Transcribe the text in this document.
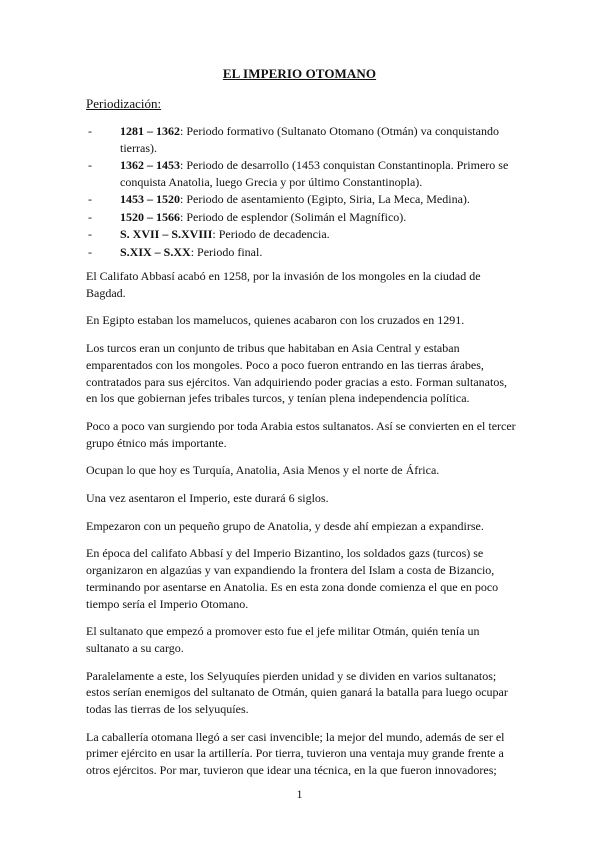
EL IMPERIO OTOMANO
Periodización:
- 1281 – 1362: Periodo formativo (Sultanato Otomano (Otmán) va conquistando tierras).
- 1362 – 1453: Periodo de desarrollo (1453 conquistan Constantinopla. Primero se conquista Anatolia, luego Grecia y por último Constantinopla).
- 1453 – 1520: Periodo de asentamiento (Egipto, Siria, La Meca, Medina).
- 1520 – 1566: Periodo de esplendor (Solimán el Magnífico).
- S. XVII – S.XVIII: Periodo de decadencia.
- S.XIX – S.XX: Periodo final.

El Califato Abbasí acabó en 1258, por la invasión de los mongoles en la ciudad de Bagdad.

En Egipto estaban los mamelucos, quienes acabaron con los cruzados en 1291.

Los turcos eran un conjunto de tribus que habitaban en Asia Central y estaban emparentados con los mongoles. Poco a poco fueron entrando en las tierras árabes, contratados para sus ejércitos. Van adquiriendo poder gracias a esto. Forman sultanatos, en los que gobiernan jefes tribales turcos, y tenían plena independencia política.

Poco a poco van surgiendo por toda Arabia estos sultanatos. Así se convierten en el tercer grupo étnico más importante.

Ocupan lo que hoy es Turquía, Anatolia, Asia Menos y el norte de África.

Una vez asentaron el Imperio, este durará 6 siglos.

Empezaron con un pequeño grupo de Anatolia, y desde ahí empiezan a expandirse.

En época del califato Abbasí y del Imperio Bizantino, los soldados gazs (turcos) se organizaron en algazúas y van expandiendo la frontera del Islam a costa de Bizancio, terminando por asentarse en Anatolia. Es en esta zona donde comienza el que en poco tiempo sería el Imperio Otomano.

El sultanato que empezó a promover esto fue el jefe militar Otmán, quién tenía un sultanato a su cargo.

Paralelamente a este, los Selyuquíes pierden unidad y se dividen en varios sultanatos; estos serían enemigos del sultanato de Otmán, quien ganará la batalla para luego ocupar todas las tierras de los selyuquíes.

La caballería otomana llegó a ser casi invencible; la mejor del mundo, además de ser el primer ejército en usar la artillería. Por tierra, tuvieron una ventaja muy grande frente a otros ejércitos. Por mar, tuvieron que idear una técnica, en la que fueron innovadores;

1
